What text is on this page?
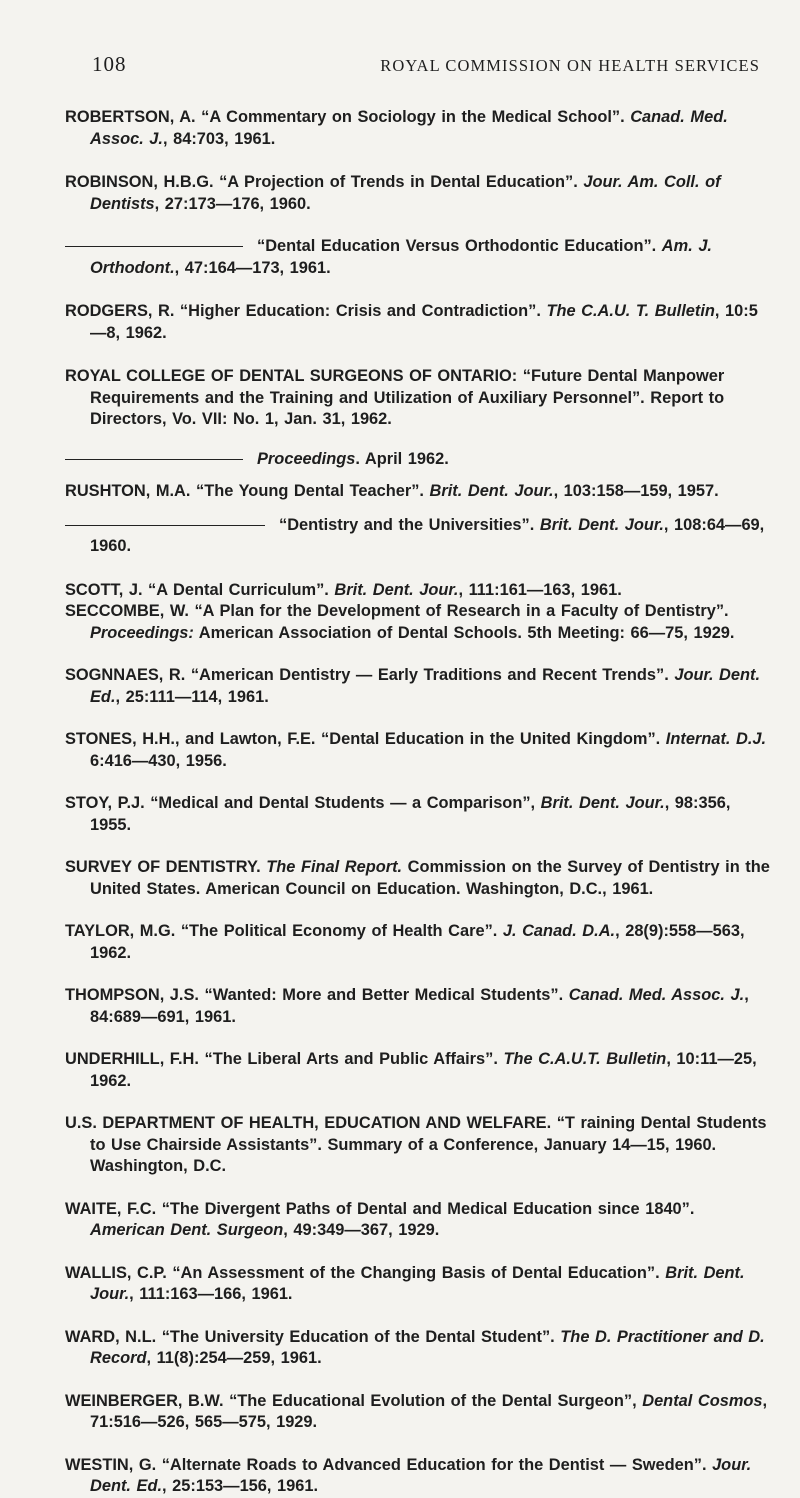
108	ROYAL COMMISSION ON HEALTH SERVICES
ROBERTSON, A. “A Commentary on Sociology in the Medical School”. Canad. Med. Assoc. J., 84:703, 1961.
ROBINSON, H.B.G. “A Projection of Trends in Dental Education”. Jour. Am. Coll. of Dentists, 27:173—176, 1960.
“Dental Education Versus Orthodontic Education”. Am. J. Orthodont., 47:164—173, 1961.
RODGERS, R. “Higher Education: Crisis and Contradiction”. The C.A.U. T. Bulletin, 10:5—8, 1962.
ROYAL COLLEGE OF DENTAL SURGEONS OF ONTARIO: “Future Dental Manpower Requirements and the Training and Utilization of Auxiliary Personnel”. Report to Directors, Vo. VII: No. 1, Jan. 31, 1962.
Proceedings. April 1962.
RUSHTON, M.A. “The Young Dental Teacher”. Brit. Dent. Jour., 103:158—159, 1957.
“Dentistry and the Universities”. Brit. Dent. Jour., 108:64—69, 1960.
SCOTT, J. “A Dental Curriculum”. Brit. Dent. Jour., 111:161—163, 1961.
SECCOMBE, W. “A Plan for the Development of Research in a Faculty of Dentistry”. Proceedings: American Association of Dental Schools. 5th Meeting: 66—75, 1929.
SOGNNAES, R. “American Dentistry — Early Traditions and Recent Trends”. Jour. Dent. Ed., 25:111—114, 1961.
STONES, H.H., and Lawton, F.E. “Dental Education in the United Kingdom”. Internat. D.J. 6:416—430, 1956.
STOY, P.J. “Medical and Dental Students — a Comparison”, Brit. Dent. Jour., 98:356, 1955.
SURVEY OF DENTISTRY. The Final Report. Commission on the Survey of Dentistry in the United States. American Council on Education. Washington, D.C., 1961.
TAYLOR, M.G. “The Political Economy of Health Care”. J. Canad. D.A., 28(9):558—563, 1962.
THOMPSON, J.S. “Wanted: More and Better Medical Students”. Canad. Med. Assoc. J., 84:689—691, 1961.
UNDERHILL, F.H. “The Liberal Arts and Public Affairs”. The C.A.U.T. Bulletin, 10:11—25, 1962.
U.S. DEPARTMENT OF HEALTH, EDUCATION AND WELFARE. “T raining Dental Students to Use Chairside Assistants”. Summary of a Conference, January 14—15, 1960. Washington, D.C.
WAITE, F.C. “The Divergent Paths of Dental and Medical Education since 1840”. American Dent. Surgeon, 49:349—367, 1929.
WALLIS, C.P. “An Assessment of the Changing Basis of Dental Education”. Brit. Dent. Jour., 111:163—166, 1961.
WARD, N.L. “The University Education of the Dental Student”. The D. Practitioner and D. Record, 11(8):254—259, 1961.
WEINBERGER, B.W. “The Educational Evolution of the Dental Surgeon”, Dental Cosmos, 71:516—526, 565—575, 1929.
WESTIN, G. “Alternate Roads to Advanced Education for the Dentist — Sweden”. Jour. Dent. Ed., 25:153—156, 1961.
